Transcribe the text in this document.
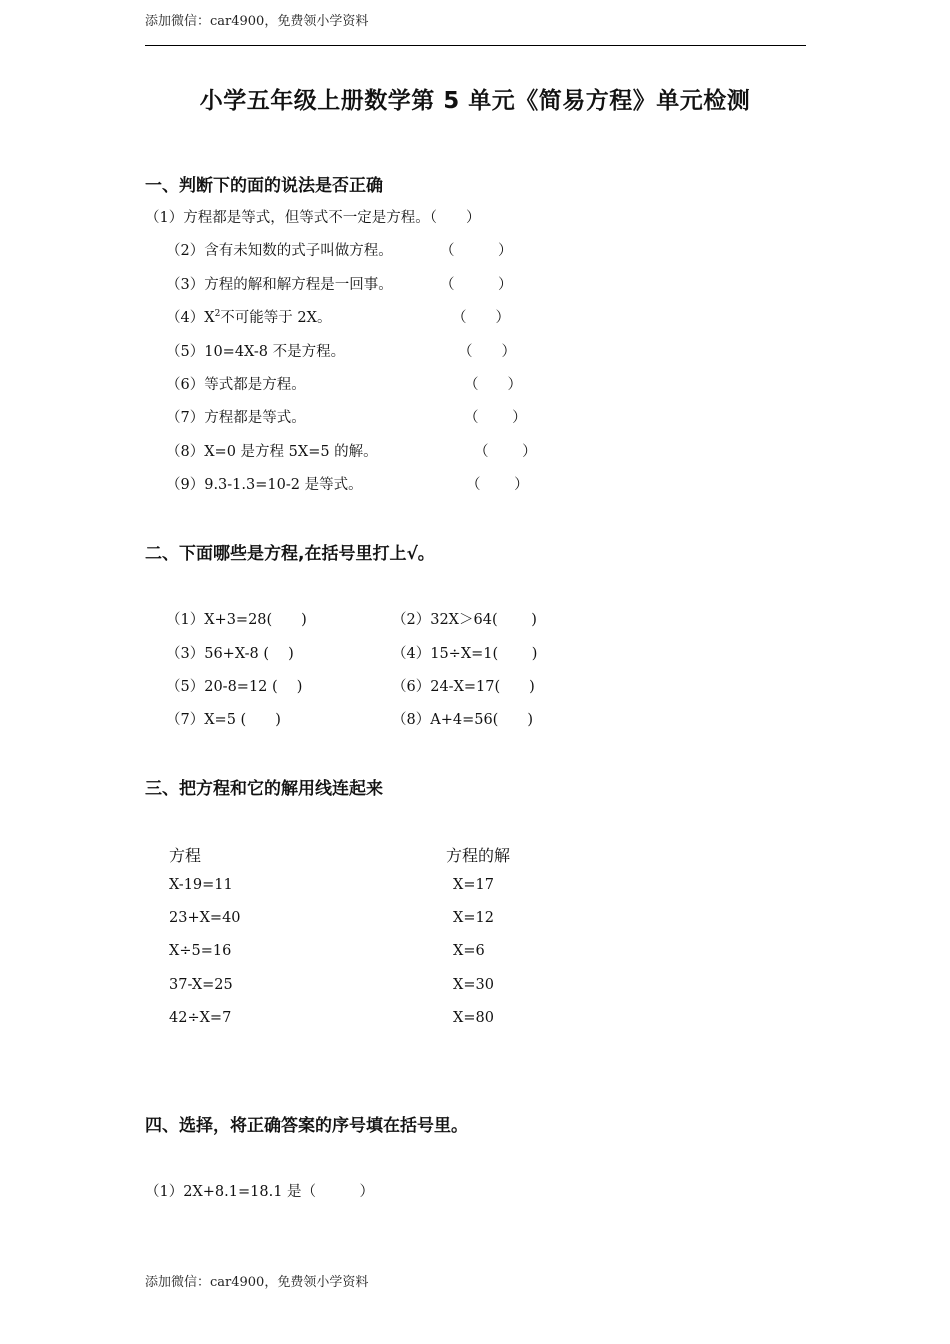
添加微信：car4900，免费领小学资料
小学五年级上册数学第 5 单元《简易方程》单元检测
一、判断下的面的说法是否正确
（1）方程都是等式，但等式不一定是方程。（　　）
（2）含有未知数的式子叫做方程。	（　　　）
（3）方程的解和解方程是一回事。	（　　　）
$(4)X^2$不可能等于 2X。	（　　）
（5）10=4X-8 不是方程。	（　　）
（6）等式都是方程。	（　　）
（7）方程都是等式。	（　　 ）
（8）X=0 是方程 5X=5 的解。	（　　 ）
（9）9.3-1.3=10-2 是等式。	（　　 ）
二、下面哪些是方程,在括号里打上√。
（1）X+3=28(　　)	（2）32X＞64(　　 )
（3）56+X-8 (　 )	（4）15÷X=1(　　 )
（5）20-8=12 (　 )	（6）24-X=17(　　)
（7）X=5 (　　)	（8）A+4=56(　　)
三、把方程和它的解用线连起来
方程	方程的解
X-19=11	X=17
23+X=40	X=12
X÷5=16	X=6
37-X=25	X=30
42÷X=7	X=80
四、选择，将正确答案的序号填在括号里。
（1）2X+8.1=18.1 是（　　　）
添加微信：car4900，免费领小学资料
